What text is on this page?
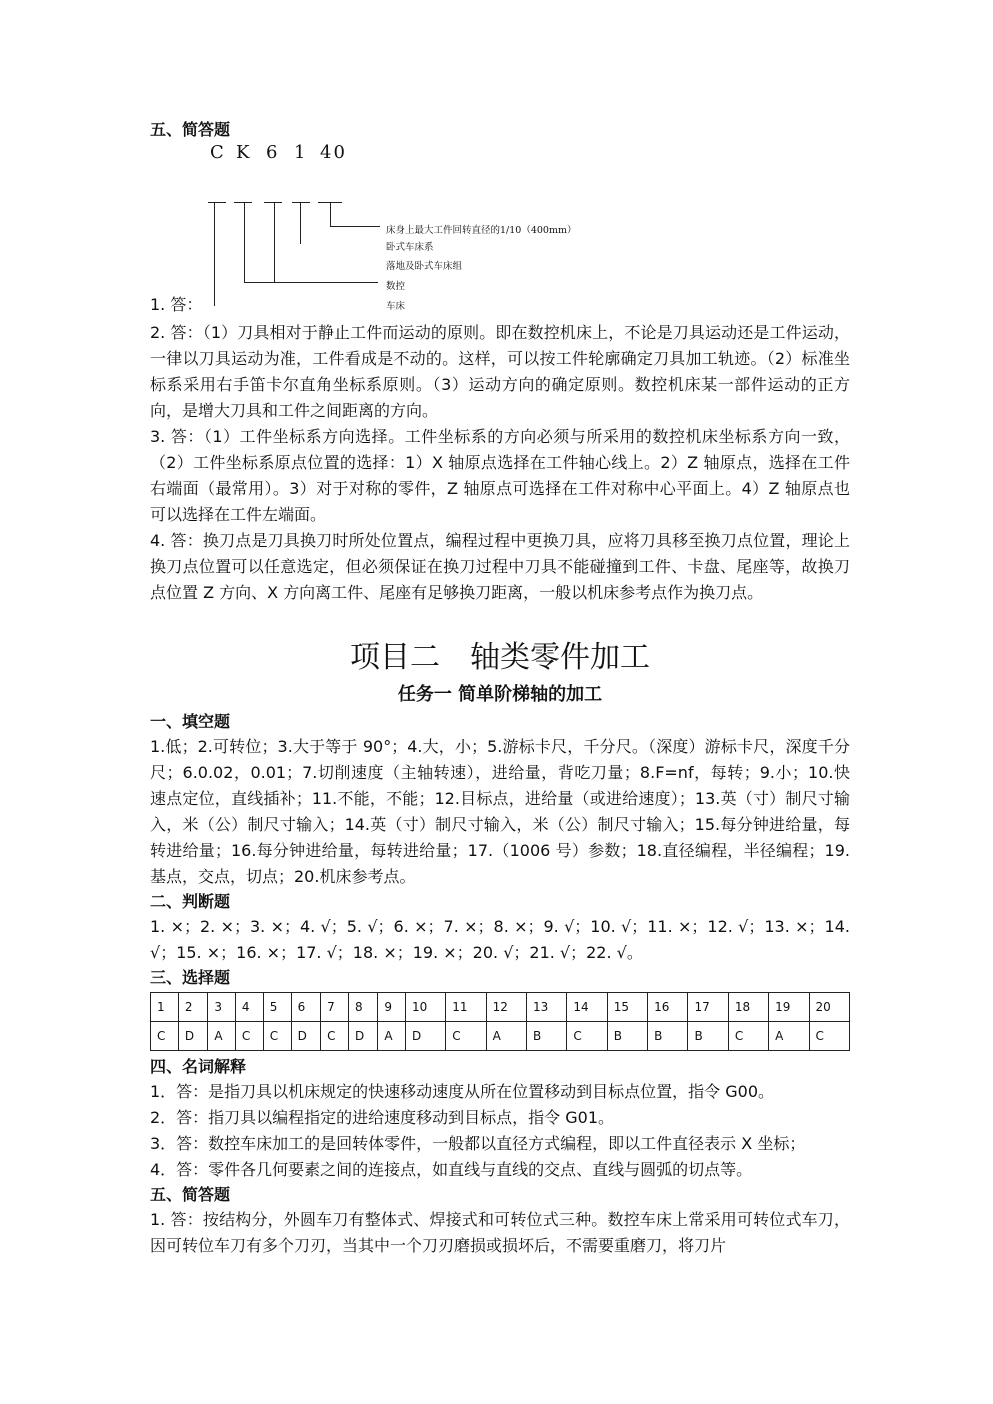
五、简答题

C K 6 1 40
床身上最大工件回转直径的1/10（400mm）
卧式车床系
落地及卧式车床组
数控
车床
1. 答：

2. 答：（1）刀具相对于静止工件而运动的原则。即在数控机床上，不论是刀具运动还是工件运动，一律以刀具运动为准，工件看成是不动的。这样，可以按工件轮廓确定刀具加工轨迹。（2）标准坐标系采用右手笛卡尔直角坐标系原则。（3）运动方向的确定原则。数控机床某一部件运动的正方向，是增大刀具和工件之间距离的方向。

3. 答：（1）工件坐标系方向选择。工件坐标系的方向必须与所采用的数控机床坐标系方向一致，（2）工件坐标系原点位置的选择：1）X 轴原点选择在工件轴心线上。2）Z 轴原点，选择在工件右端面（最常用）。3）对于对称的零件，Z 轴原点可选择在工件对称中心平面上。4）Z 轴原点也可以选择在工件左端面。

4. 答：换刀点是刀具换刀时所处位置点，编程过程中更换刀具，应将刀具移至换刀点位置，理论上换刀点位置可以任意选定，但必须保证在换刀过程中刀具不能碰撞到工件、卡盘、尾座等，故换刀点位置 Z 方向、X 方向离工件、尾座有足够换刀距离，一般以机床参考点作为换刀点。

项目二　轴类零件加工
任务一 简单阶梯轴的加工

一、填空题

1.低；2.可转位；3.大于等于 90°；4.大，小；5.游标卡尺，千分尺。（深度）游标卡尺，深度千分尺；6.0.02，0.01；7.切削速度（主轴转速），进给量，背吃刀量；8.F=nf，每转；9.小；10.快速点定位，直线插补；11.不能，不能；12.目标点，进给量（或进给速度）；13.英（寸）制尺寸输入，米（公）制尺寸输入；14.英（寸）制尺寸输入，米（公）制尺寸输入；15.每分钟进给量，每转进给量；16.每分钟进给量，每转进给量；17.（1006 号）参数；18.直径编程，半径编程；19.基点，交点，切点；20.机床参考点。

二、判断题

1. ×；2. ×；3. ×；4. √；5. √；6. ×；7. ×；8. ×；9. √；10. √；11. ×；12. √；13. ×；14. √；15. ×；16. ×；17. √；18. ×；19. ×；20. √；21. √；22. √。

三、选择题

1	2	3	4	5	6	7	8	9	10	11	12	13	14	15	16	17	18	19	20
C	D	A	C	C	D	C	D	A	D	C	A	B	C	B	B	B	C	A	C

四、名词解释

1．答：是指刀具以机床规定的快速移动速度从所在位置移动到目标点位置，指令 G00。

2．答：指刀具以编程指定的进给速度移动到目标点，指令 G01。

3．答：数控车床加工的是回转体零件，一般都以直径方式编程，即以工件直径表示 X 坐标；

4．答：零件各几何要素之间的连接点，如直线与直线的交点、直线与圆弧的切点等。

五、简答题

1. 答：按结构分，外圆车刀有整体式、焊接式和可转位式三种。数控车床上常采用可转位式车刀，因可转位车刀有多个刀刃，当其中一个刀刃磨损或损坏后，不需要重磨刀，将刀片
